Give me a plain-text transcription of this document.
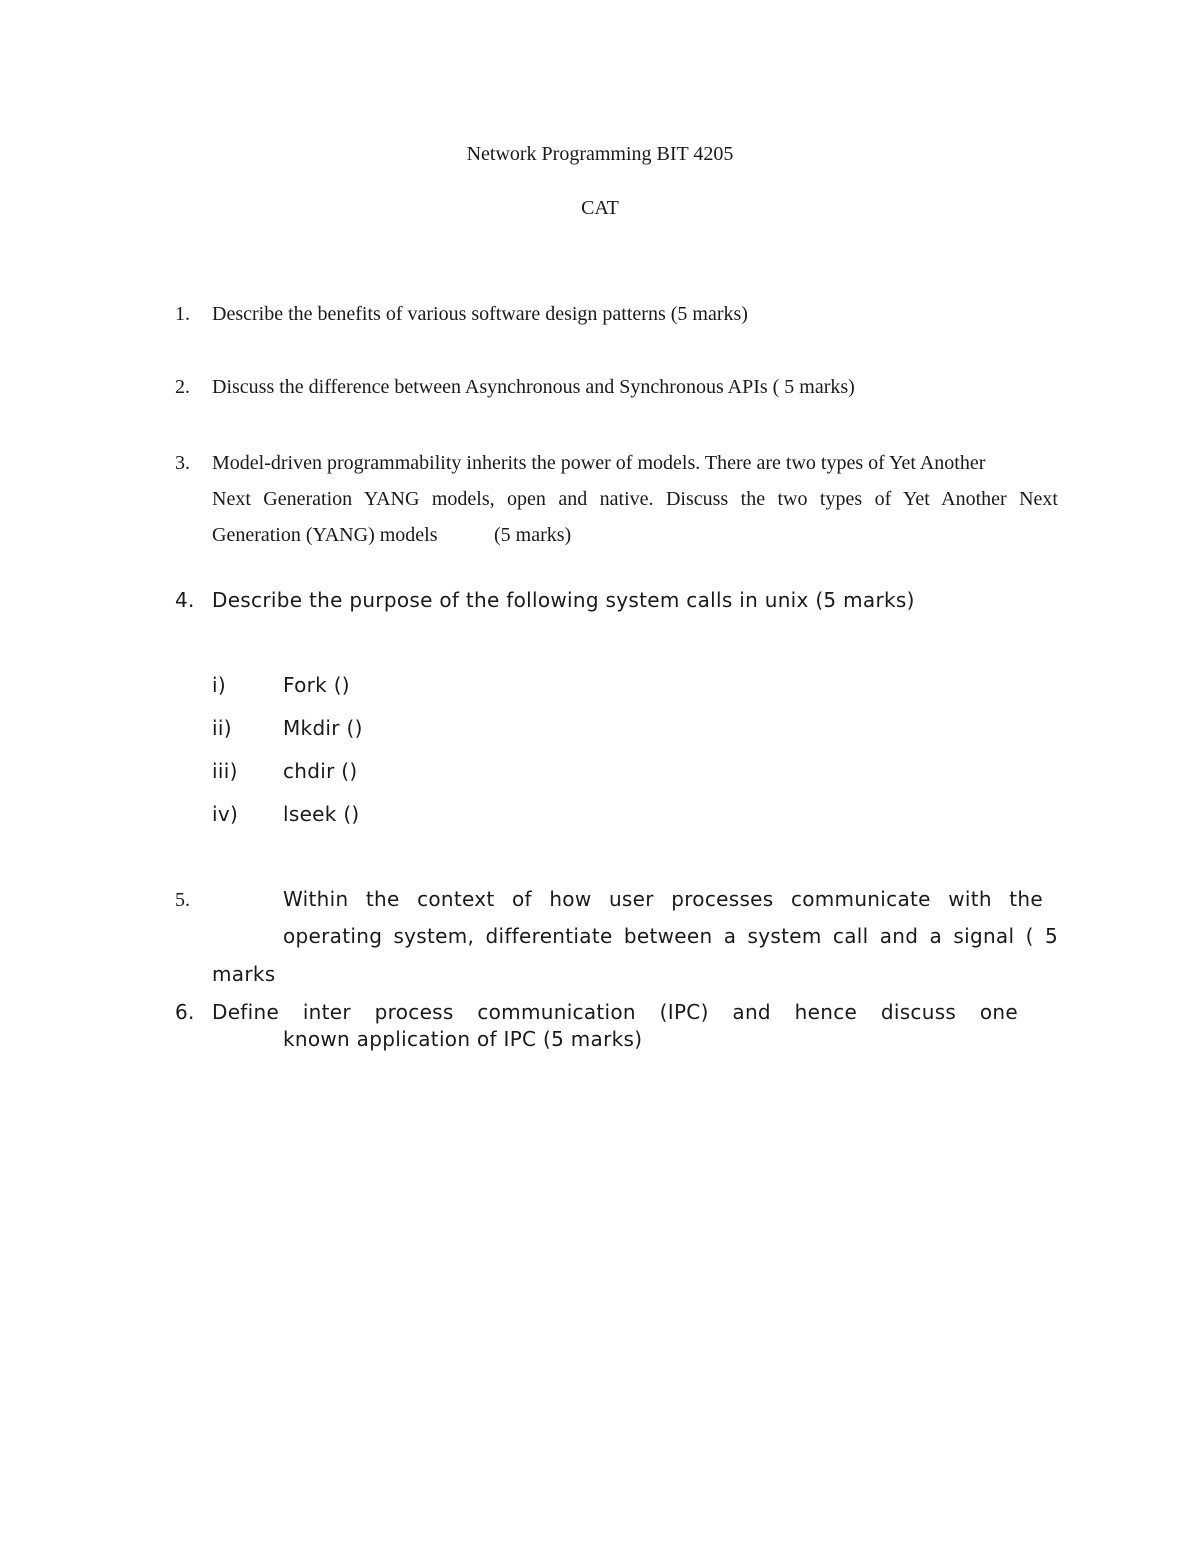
Network Programming BIT 4205
CAT
1.	Describe the benefits of various software design patterns (5 marks)
2.	Discuss the difference between Asynchronous and Synchronous APIs ( 5 marks)
3.	Model-driven programmability inherits the power of models. There are two types of Yet Another
Next Generation YANG models, open and native. Discuss the two types of Yet Another Next
Generation (YANG) models	(5 marks)
4. Describe the purpose of the following system calls in unix (5 marks)
i)	Fork ()
ii)	Mkdir ()
iii) chdir ()
iv) lseek ()
5.	Within the context of how user processes communicate with the
operating system, differentiate between a system call and a signal ( 5
marks
6. Define inter process communication (IPC) and hence discuss one
known application of IPC (5 marks)
